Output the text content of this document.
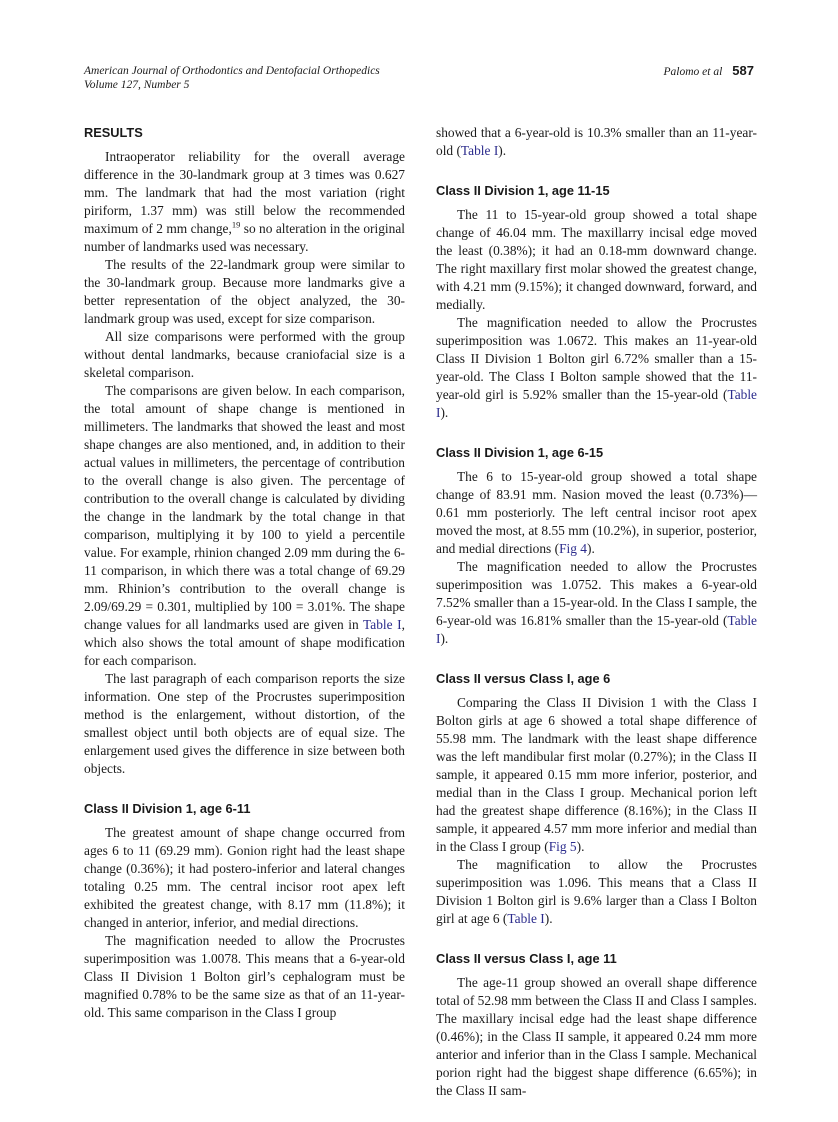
American Journal of Orthodontics and Dentofacial Orthopedics
Volume 127, Number 5
Palomo et al 587
RESULTS

Intraoperator reliability for the overall average difference in the 30-landmark group at 3 times was 0.627 mm. The landmark that had the most variation (right piriform, 1.37 mm) was still below the recommended maximum of 2 mm change,$^{19}$ so no alteration in the original number of landmarks used was necessary.

The results of the 22-landmark group were similar to the 30-landmark group. Because more landmarks give a better representation of the object analyzed, the 30-landmark group was used, except for size comparison.

All size comparisons were performed with the group without dental landmarks, because craniofacial size is a skeletal comparison.

The comparisons are given below. In each comparison, the total amount of shape change is mentioned in millimeters. The landmarks that showed the least and most shape changes are also mentioned, and, in addition to their actual values in millimeters, the percentage of contribution to the overall change is also given. The percentage of contribution to the overall change is calculated by dividing the change in the landmark by the total change in that comparison, multiplying it by 100 to yield a percentile value. For example, rhinion changed 2.09 mm during the 6-11 comparison, in which there was a total change of 69.29 mm. Rhinion’s contribution to the overall change is 2.09/69.29 = 0.301, multiplied by 100 = 3.01%. The shape change values for all landmarks used are given in Table I, which also shows the total amount of shape modification for each comparison.

The last paragraph of each comparison reports the size information. One step of the Procrustes superimposition method is the enlargement, without distortion, of the smallest object until both objects are of equal size. The enlargement used gives the difference in size between both objects.

Class II Division 1, age 6-11

The greatest amount of shape change occurred from ages 6 to 11 (69.29 mm). Gonion right had the least shape change (0.36%); it had postero-inferior and lateral changes totaling 0.25 mm. The central incisor root apex left exhibited the greatest change, with 8.17 mm (11.8%); it changed in anterior, inferior, and medial directions.

The magnification needed to allow the Procrustes superimposition was 1.0078. This means that a 6-year-old Class II Division 1 Bolton girl’s cephalogram must be magnified 0.78% to be the same size as that of an 11-year-old. This same comparison in the Class I group

showed that a 6-year-old is 10.3% smaller than an 11-year-old (Table I).

Class II Division 1, age 11-15

The 11 to 15-year-old group showed a total shape change of 46.04 mm. The maxillarry incisal edge moved the least (0.38%); it had an 0.18-mm downward change. The right maxillary first molar showed the greatest change, with 4.21 mm (9.15%); it changed downward, forward, and medially.

The magnification needed to allow the Procrustes superimposition was 1.0672. This makes an 11-year-old Class II Division 1 Bolton girl 6.72% smaller than a 15-year-old. The Class I Bolton sample showed that the 11-year-old girl is 5.92% smaller than the 15-year-old (Table I).

Class II Division 1, age 6-15

The 6 to 15-year-old group showed a total shape change of 83.91 mm. Nasion moved the least (0.73%)—0.61 mm posteriorly. The left central incisor root apex moved the most, at 8.55 mm (10.2%), in superior, posterior, and medial directions (Fig 4).

The magnification needed to allow the Procrustes superimposition was 1.0752. This makes a 6-year-old 7.52% smaller than a 15-year-old. In the Class I sample, the 6-year-old was 16.81% smaller than the 15-year-old (Table I).

Class II versus Class I, age 6

Comparing the Class II Division 1 with the Class I Bolton girls at age 6 showed a total shape difference of 55.98 mm. The landmark with the least shape difference was the left mandibular first molar (0.27%); in the Class II sample, it appeared 0.15 mm more inferior, posterior, and medial than in the Class I group. Mechanical porion left had the greatest shape difference (8.16%); in the Class II sample, it appeared 4.57 mm more inferior and medial than in the Class I group (Fig 5).

The magnification to allow the Procrustes superimposition was 1.096. This means that a Class II Division 1 Bolton girl is 9.6% larger than a Class I Bolton girl at age 6 (Table I).

Class II versus Class I, age 11

The age-11 group showed an overall shape difference total of 52.98 mm between the Class II and Class I samples. The maxillary incisal edge had the least shape difference (0.46%); in the Class II sample, it appeared 0.24 mm more anterior and inferior than in the Class I sample. Mechanical porion right had the biggest shape difference (6.65%); in the Class II sam-
